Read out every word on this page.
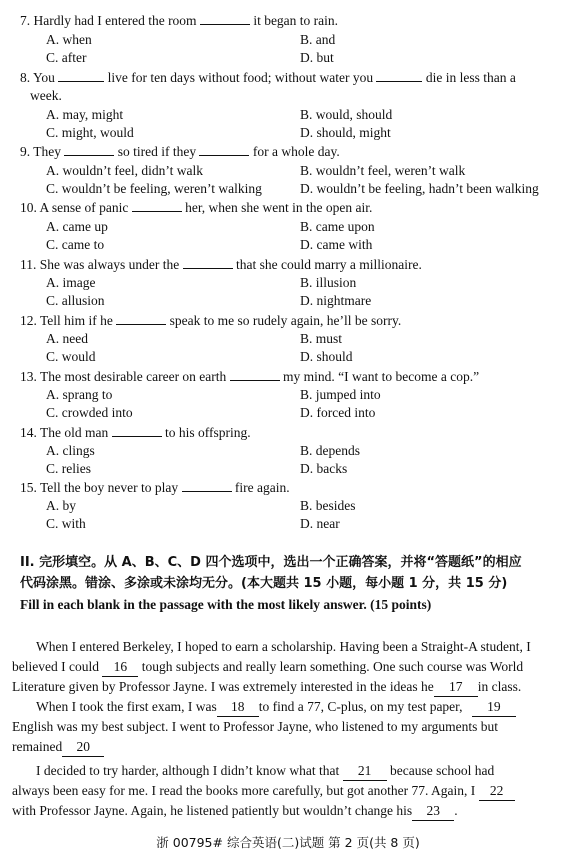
7. Hardly had I entered the room	it began to rain.
A. when	B. and
C. after	D. but
8. You	live for ten days without food; without water you	die in less than a
week.
A. may, might	B. would, should
C. might, would	D. should, might
9. They	so tired if they	for a whole day.
A. wouldn’t feel, didn’t walk	B. wouldn’t feel, weren’t walk
C. wouldn’t be feeling, weren’t walking	D. wouldn’t be feeling, hadn’t been walking
10. A sense of panic	her, when she went in the open air.
A. came up	B. came upon
C. came to	D. came with
11. She was always under the	that she could marry a millionaire.
A. image	B. illusion
C. allusion	D. nightmare
12. Tell him if he	speak to me so rudely again, he’ll be sorry.
A. need	B. must
C. would	D. should
13. The most desirable career on earth	my mind. “I want to become a cop.”
A. sprang to	B. jumped into
C. crowded into	D. forced into
14. The old man	to his offspring.
A. clings	B. depends
C. relies	D. backs
15. Tell the boy never to play	fire again.
A. by	B. besides
C. with	D. near
II. 完形填空。从 A、B、C、D 四个选项中，选出一个正确答案，并将“答题纸”的相应
代码涂黑。错涂、多涂或未涂均无分。(本大题共 15 小题，每小题 1 分，共 15 分)
Fill in each blank in the passage with the most likely answer. (15 points)
When I entered Berkeley, I hoped to earn a scholarship. Having been a Straight-A student, I
believed I could 16 tough subjects and really learn something. One such course was World
Literature given by Professor Jayne. I was extremely interested in the ideas he 17 in class.
When I took the first exam, I was 18 to find a 77, C-plus, on my test paper, 19
English was my best subject. I went to Professor Jayne, who listened to my arguments but
remained 20
I decided to try harder, although I didn’t know what that 21 because school had
always been easy for me. I read the books more carefully, but got another 77. Again, I 22
with Professor Jayne. Again, he listened patiently but wouldn’t change his 23 .
浙 00795# 综合英语(二)试题 第 2 页(共 8 页)
